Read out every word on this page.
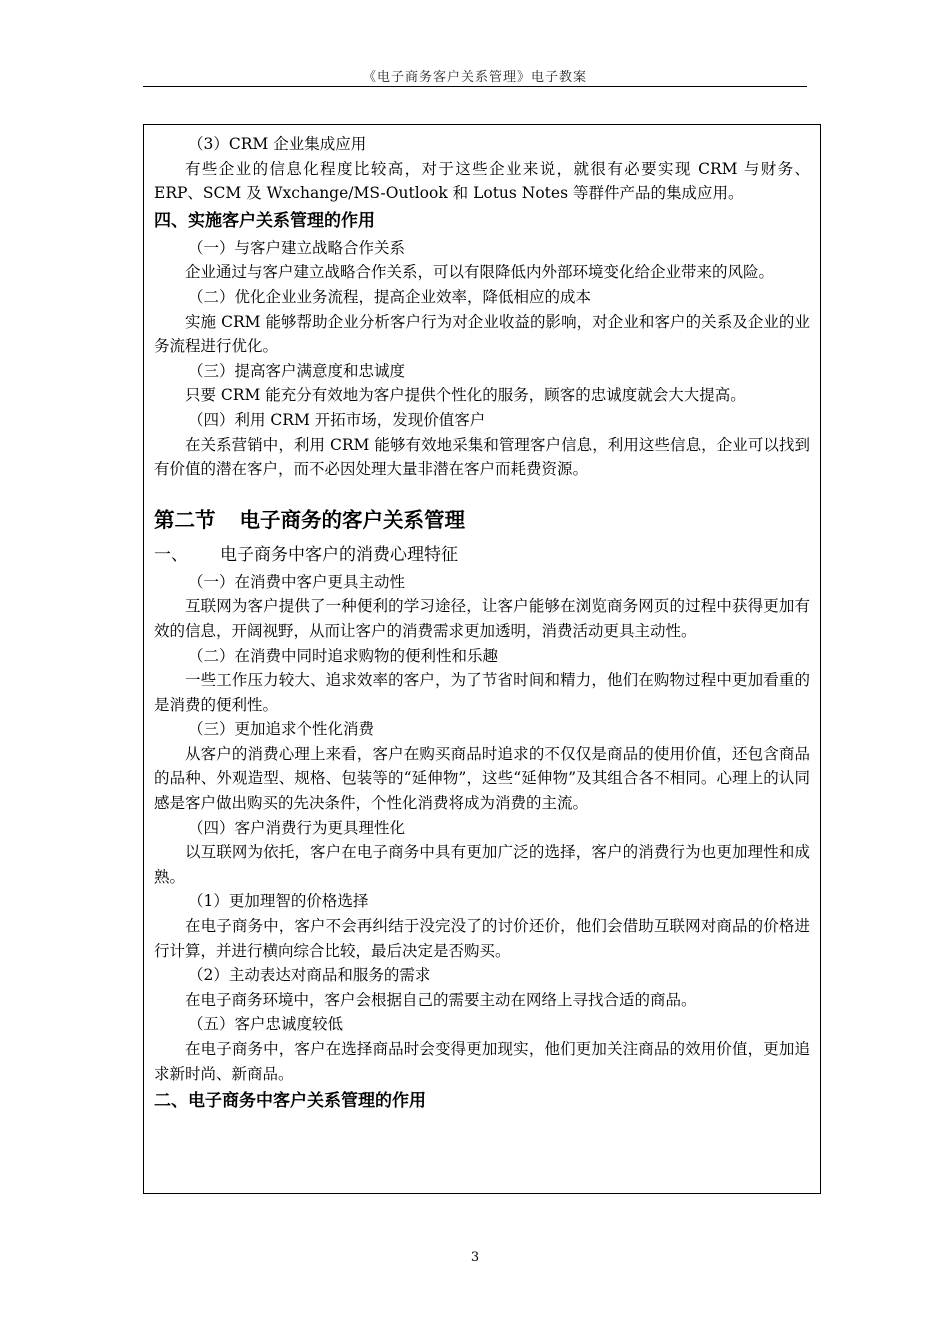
《电子商务客户关系管理》电子教案

（3）CRM 企业集成应用

有些企业的信息化程度比较高，对于这些企业来说，就很有必要实现 CRM 与财务、ERP、SCM 及 Wxchange/MS-Outlook 和 Lotus Notes 等群件产品的集成应用。

四、实施客户关系管理的作用

（一）与客户建立战略合作关系

企业通过与客户建立战略合作关系，可以有限降低内外部环境变化给企业带来的风险。

（二）优化企业业务流程，提高企业效率，降低相应的成本

实施 CRM 能够帮助企业分析客户行为对企业收益的影响，对企业和客户的关系及企业的业务流程进行优化。

（三）提高客户满意度和忠诚度

只要 CRM 能充分有效地为客户提供个性化的服务，顾客的忠诚度就会大大提高。

（四）利用 CRM 开拓市场，发现价值客户

在关系营销中，利用 CRM 能够有效地采集和管理客户信息，利用这些信息，企业可以找到有价值的潜在客户，而不必因处理大量非潜在客户而耗费资源。

第二节 电子商务的客户关系管理
一、 电子商务中客户的消费心理特征

（一）在消费中客户更具主动性

互联网为客户提供了一种便利的学习途径，让客户能够在浏览商务网页的过程中获得更加有效的信息，开阔视野，从而让客户的消费需求更加透明，消费活动更具主动性。

（二）在消费中同时追求购物的便利性和乐趣

一些工作压力较大、追求效率的客户，为了节省时间和精力，他们在购物过程中更加看重的是消费的便利性。

（三）更加追求个性化消费

从客户的消费心理上来看，客户在购买商品时追求的不仅仅是商品的使用价值，还包含商品的品种、外观造型、规格、包装等的“延伸物”，这些“延伸物”及其组合各不相同。心理上的认同感是客户做出购买的先决条件，个性化消费将成为消费的主流。

（四）客户消费行为更具理性化

以互联网为依托，客户在电子商务中具有更加广泛的选择，客户的消费行为也更加理性和成熟。

（1）更加理智的价格选择

在电子商务中，客户不会再纠结于没完没了的讨价还价，他们会借助互联网对商品的价格进行计算，并进行横向综合比较，最后决定是否购买。

（2）主动表达对商品和服务的需求

在电子商务环境中，客户会根据自己的需要主动在网络上寻找合适的商品。

（五）客户忠诚度较低

在电子商务中，客户在选择商品时会变得更加现实，他们更加关注商品的效用价值，更加追求新时尚、新商品。

二、电子商务中客户关系管理的作用
3
